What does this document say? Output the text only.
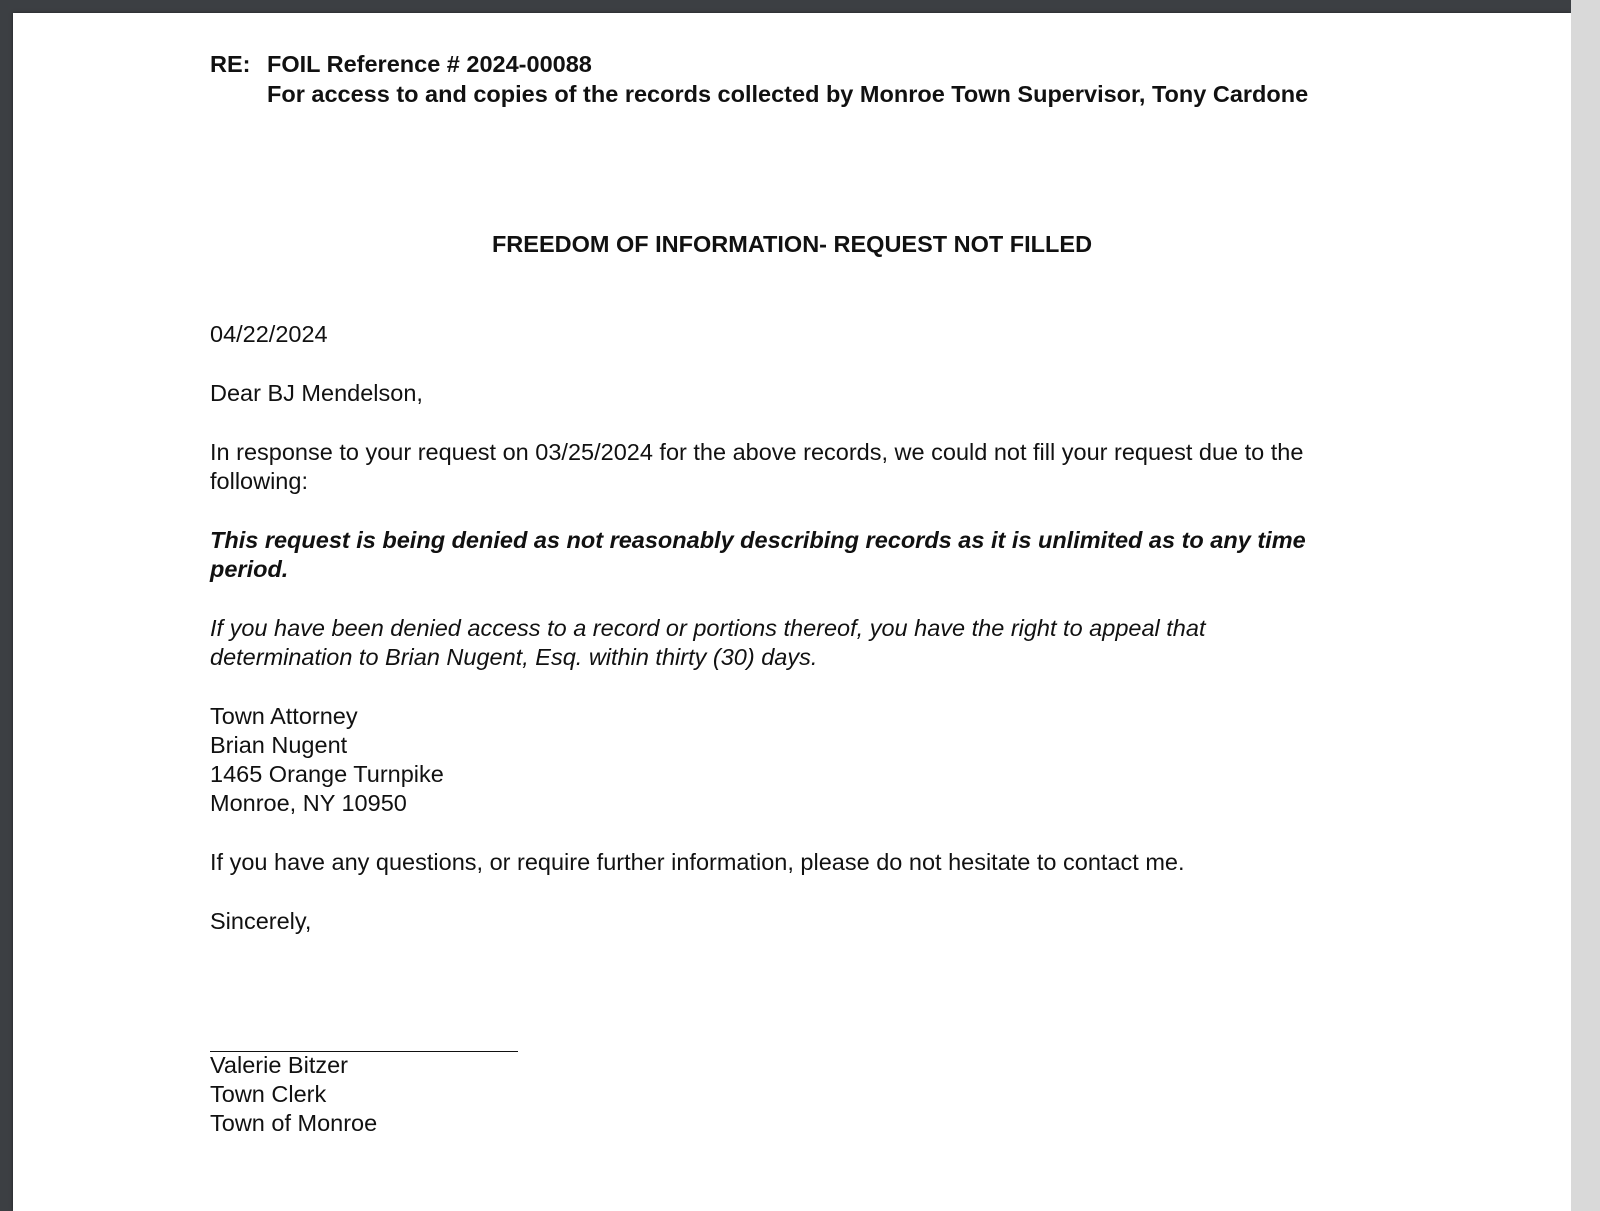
RE: FOIL Reference # 2024-00088
For access to and copies of the records collected by Monroe Town Supervisor, Tony Cardone
FREEDOM OF INFORMATION- REQUEST NOT FILLED
04/22/2024
Dear BJ Mendelson,
In response to your request on 03/25/2024 for the above records, we could not fill your request due to the
following:
This request is being denied as not reasonably describing records as it is unlimited as to any time
period.
If you have been denied access to a record or portions thereof, you have the right to appeal that
determination to Brian Nugent, Esq. within thirty (30) days.
Town Attorney
Brian Nugent
1465 Orange Turnpike
Monroe, NY 10950
If you have any questions, or require further information, please do not hesitate to contact me.
Sincerely,
Valerie Bitzer
Town Clerk
Town of Monroe
